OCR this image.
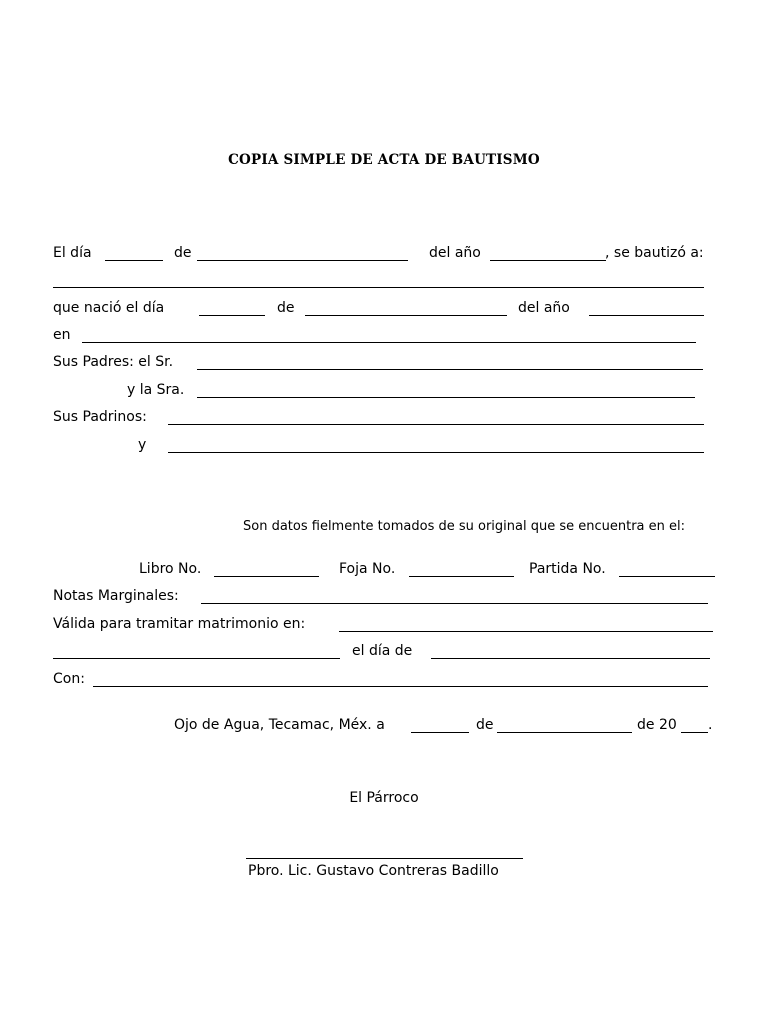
COPIA SIMPLE DE ACTA DE BAUTISMO
El día	de	del año	, se bautizó a:
que nació el día	de	del año
en
Sus Padres: el Sr.
y la Sra.
Sus Padrinos:
y
Son datos fielmente tomados de su original que se encuentra en el:
Libro No.	Foja No.	Partida No.
Notas Marginales:
Válida para tramitar matrimonio en:
el día de
Con:
Ojo de Agua, Tecamac, Méx. a	de	de 20 .
El Párroco
Pbro. Lic. Gustavo Contreras Badillo
